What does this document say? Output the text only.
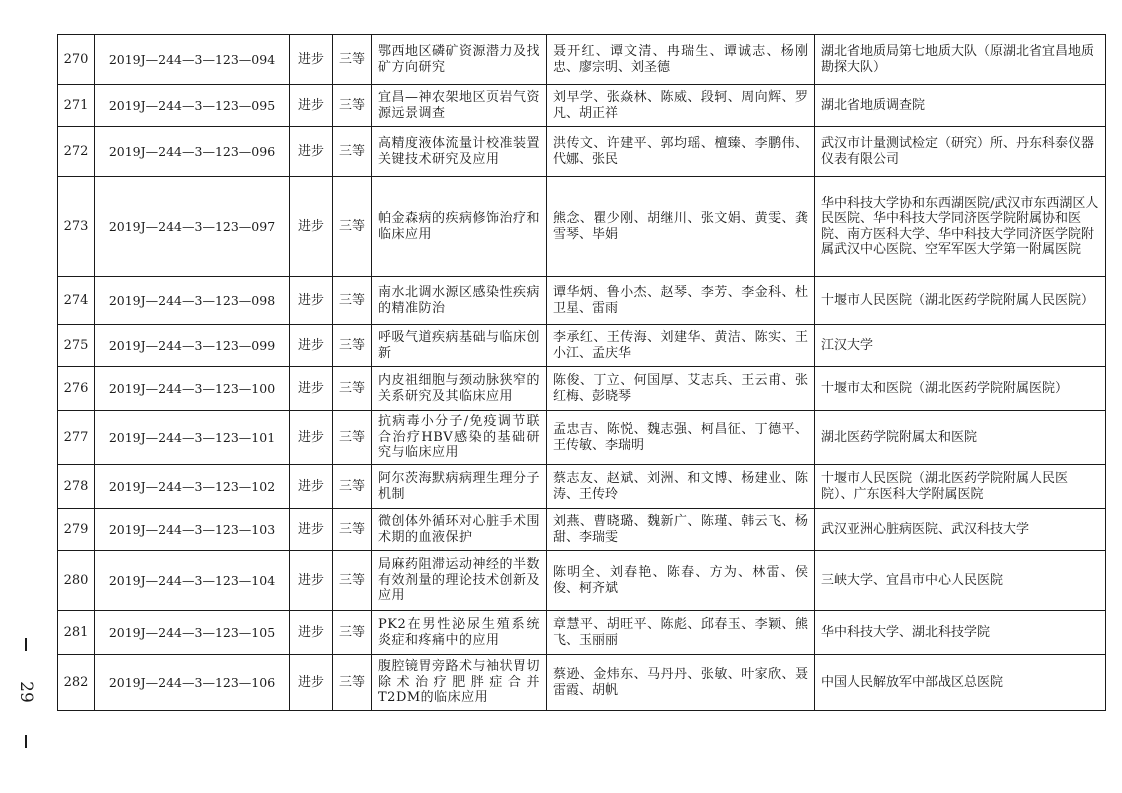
29
270	2019J—244—3—123—094	进步	三等	鄂西地区磷矿资源潜力及找矿方向研究	聂开红、谭文清、冉瑞生、谭诚志、杨刚忠、廖宗明、刘圣德	湖北省地质局第七地质大队（原湖北省宜昌地质勘探大队）
271	2019J—244—3—123—095	进步	三等	宜昌—神农架地区页岩气资源远景调查	刘早学、张焱林、陈威、段轲、周向辉、罗凡、胡正祥	湖北省地质调查院
272	2019J—244—3—123—096	进步	三等	高精度液体流量计校准装置关键技术研究及应用	洪传文、许建平、郭均瑶、檀臻、李鹏伟、代娜、张民	武汉市计量测试检定（研究）所、丹东科泰仪器仪表有限公司
273	2019J—244—3—123—097	进步	三等	帕金森病的疾病修饰治疗和临床应用	熊念、瞿少刚、胡继川、张文娟、黄雯、龚雪琴、毕娟	华中科技大学协和东西湖医院/武汉市东西湖区人民医院、华中科技大学同济医学院附属协和医院、南方医科大学、华中科技大学同济医学院附属武汉中心医院、空军军医大学第一附属医院
274	2019J—244—3—123—098	进步	三等	南水北调水源区感染性疾病的精准防治	谭华炳、鲁小杰、赵琴、李芳、李金科、杜卫星、雷雨	十堰市人民医院（湖北医药学院附属人民医院）
275	2019J—244—3—123—099	进步	三等	呼吸气道疾病基础与临床创新	李承红、王传海、刘建华、黄洁、陈实、王小江、孟庆华	江汉大学
276	2019J—244—3—123—100	进步	三等	内皮祖细胞与颈动脉狭窄的关系研究及其临床应用	陈俊、丁立、何国厚、艾志兵、王云甫、张红梅、彭晓琴	十堰市太和医院（湖北医药学院附属医院）
277	2019J—244—3—123—101	进步	三等	抗病毒小分子/免疫调节联合治疗HBV感染的基础研究与临床应用	孟忠吉、陈悦、魏志强、柯昌征、丁德平、王传敏、李瑞明	湖北医药学院附属太和医院
278	2019J—244—3—123—102	进步	三等	阿尔茨海默病病理生理分子机制	蔡志友、赵斌、刘洲、和文博、杨建业、陈涛、王传玲	十堰市人民医院（湖北医药学院附属人民医院）、广东医科大学附属医院
279	2019J—244—3—123—103	进步	三等	微创体外循环对心脏手术围术期的血液保护	刘燕、曹晓璐、魏新广、陈瑾、韩云飞、杨甜、李瑞雯	武汉亚洲心脏病医院、武汉科技大学
280	2019J—244—3—123—104	进步	三等	局麻药阻滞运动神经的半数有效剂量的理论技术创新及应用	陈明全、刘春艳、陈春、方为、林雷、侯俊、柯齐斌	三峡大学、宜昌市中心人民医院
281	2019J—244—3—123—105	进步	三等	PK2在男性泌尿生殖系统炎症和疼痛中的应用	章慧平、胡旺平、陈彪、邱春玉、李颖、熊飞、玉丽丽	华中科技大学、湖北科技学院
282	2019J—244—3—123—106	进步	三等	腹腔镜胃旁路术与袖状胃切除术治疗肥胖症合并T2DM的临床应用	蔡逊、金炜东、马丹丹、张敏、叶家欣、聂雷霞、胡帆	中国人民解放军中部战区总医院
